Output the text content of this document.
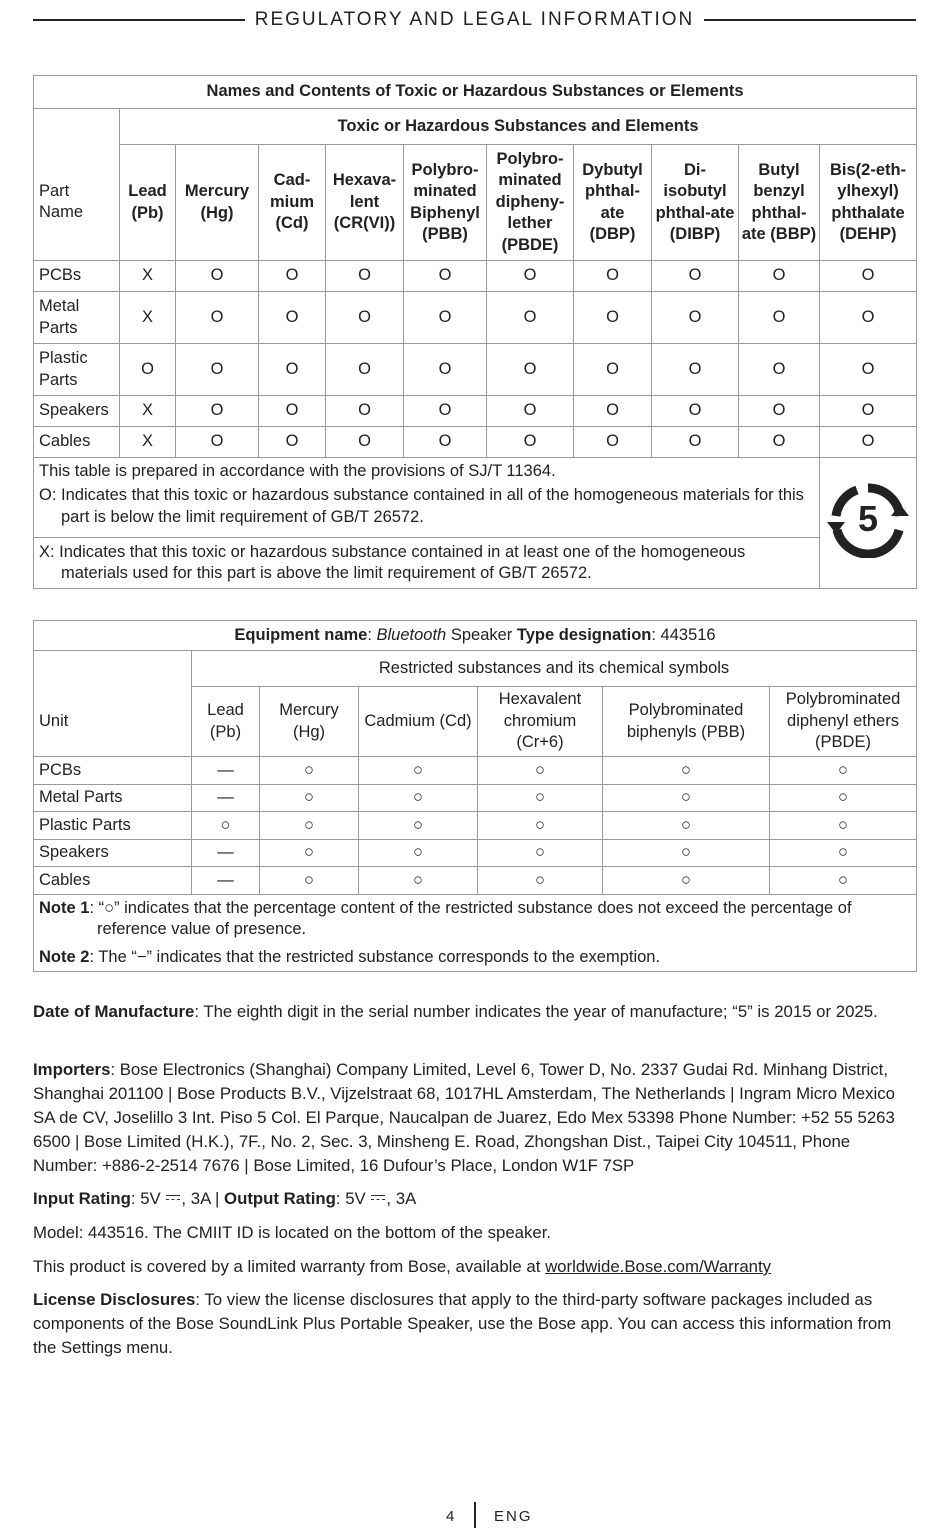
REGULATORY AND LEGAL INFORMATION
Names and Contents of Toxic or Hazardous Substances or Elements										
	Toxic or Hazardous Substances and Elements									
Part Name	Lead (Pb)	Mercury (Hg)	Cad-mium (Cd)	Hexava-lent (CR(VI))	Polybro-minated Biphenyl (PBB)	Polybro-minated dipheny-lether (PBDE)	Dybutyl phthal-ate (DBP)	Di-isobutyl phthal-ate (DIBP)	Butyl benzyl phthal-ate (BBP)	Bis(2-eth-ylhexyl) phthalate (DEHP)
PCBs	X	O	O	O	O	O	O	O	O	O
Metal Parts	X	O	O	O	O	O	O	O	O	O
Plastic Parts	O	O	O	O	O	O	O	O	O	O
Speakers	X	O	O	O	O	O	O	O	O	O
Cables	X	O	O	O	O	O	O	O	O	O

This table is prepared in accordance with the provisions of SJ/T 11364.
O: Indicates that this toxic or hazardous substance contained in all of the homogeneous materials for this part is below the limit requirement of GB/T 26572.										5

X: Indicates that this toxic or hazardous substance contained in at least one of the homogeneous materials used for this part is above the limit requirement of GB/T 26572.										
Equipment name: Bluetooth Speaker Type designation: 443516						
	Restricted substances and its chemical symbols					
Unit	Lead (Pb)	Mercury (Hg)	Cadmium (Cd)	Hexavalent chromium (Cr+6)	Polybrominated biphenyls (PBB)	Polybrominated diphenyl ethers (PBDE)
PCBs	—	○	○	○	○	○
Metal Parts	—	○	○	○	○	○
Plastic Parts	○	○	○	○	○	○
Speakers	—	○	○	○	○	○
Cables	—	○	○	○	○	○

Note 1: “○” indicates that the percentage content of the restricted substance does not exceed the percentage of reference value of presence.
Note 2: The “−” indicates that the restricted substance corresponds to the exemption.						
Date of Manufacture: The eighth digit in the serial number indicates the year of manufacture; “5” is 2015 or 2025.
Importers: Bose Electronics (Shanghai) Company Limited, Level 6, Tower D, No. 2337 Gudai Rd. Minhang District, Shanghai 201100 | Bose Products B.V., Vijzelstraat 68, 1017HL Amsterdam, The Netherlands | Ingram Micro Mexico SA de CV, Joselillo 3 Int. Piso 5 Col. El Parque, Naucalpan de Juarez, Edo Mex 53398 Phone Number: +52 55 5263 6500 | Bose Limited (H.K.), 7F., No. 2, Sec. 3, Minsheng E. Road, Zhongshan Dist., Taipei City 104511, Phone Number: +886-2-2514 7676 | Bose Limited, 16 Dufour’s Place, London W1F 7SP
Input Rating: 5V , 3A | Output Rating: 5V , 3A
Model: 443516. The CMIIT ID is located on the bottom of the speaker.
This product is covered by a limited warranty from Bose, available at worldwide.Bose.com/Warranty
License Disclosures: To view the license disclosures that apply to the third-party software packages included as components of the Bose SoundLink Plus Portable Speaker, use the Bose app. You can access this information from the Settings menu.
4	ENG
